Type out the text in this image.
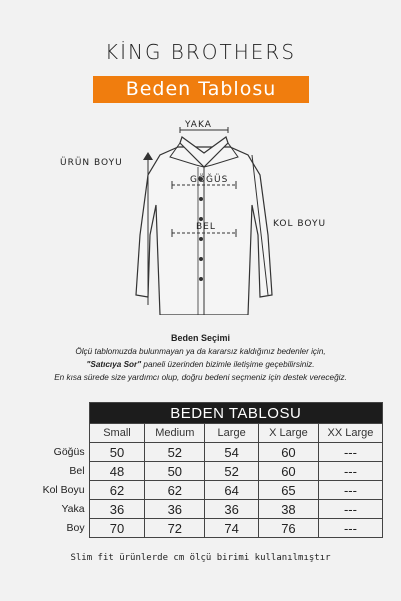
KİNG BROTHERS
Beden Tablosu
YAKA
ÜRÜN BOYU
GÖĞÜS
BEL	KOL BOYU
Beden Seçimi
Ölçü tablomuzda bulunmayan ya da kararsız kaldığınız bedenler için,
"Satıcıya Sor" paneli üzerinden bizimle iletişime geçebilirsiniz.
En kısa sürede size yardımcı olup, doğru bedeni seçmeniz için destek vereceğiz.
	BEDEN TABLOSU				
	Small	Medium	Large	X Large	XX Large
Göğüs	50	52	54	60	---
Bel	48	50	52	60	---
Kol Boyu	62	62	64	65	---
Yaka	36	36	36	38	---
Boy	70	72	74	76	---
Slim fit ürünlerde cm ölçü birimi kullanılmıştır
